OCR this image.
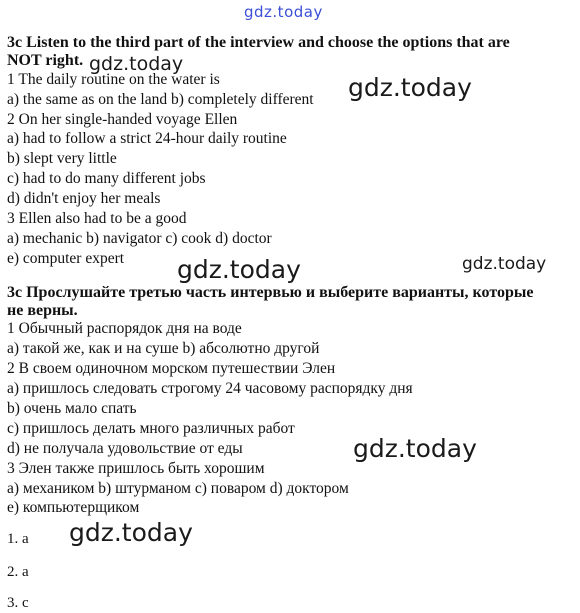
gdz.today
3c Listen to the third part of the interview and choose the options that are
NOT right.
1 The daily routine on the water is
a) the same as on the land b) completely different
2 On her single-handed voyage Ellen
a) had to follow a strict 24-hour daily routine
b) slept very little
c) had to do many different jobs
d) didn't enjoy her meals
3 Ellen also had to be a good
a) mechanic b) navigator c) cook d) doctor
e) computer expert
3c Прослушайте третью часть интервью и выберите варианты, которые
не верны.
1 Обычный распорядок дня на воде
а) такой же, как и на суше b) абсолютно другой
2 В своем одиночном морском путешествии Элен
а) пришлось следовать строгому 24 часовому распорядку дня
b) очень мало спать
c) пришлось делать много различных работ
d) не получала удовольствие от еды
3 Элен также пришлось быть хорошим
а) механиком b) штурманом c) поваром d) доктором
e) компьютерщиком
1. a
2. a
3. c
gdz.today
gdz.today
gdz.today	gdz.today
gdz.today
gdz.today
